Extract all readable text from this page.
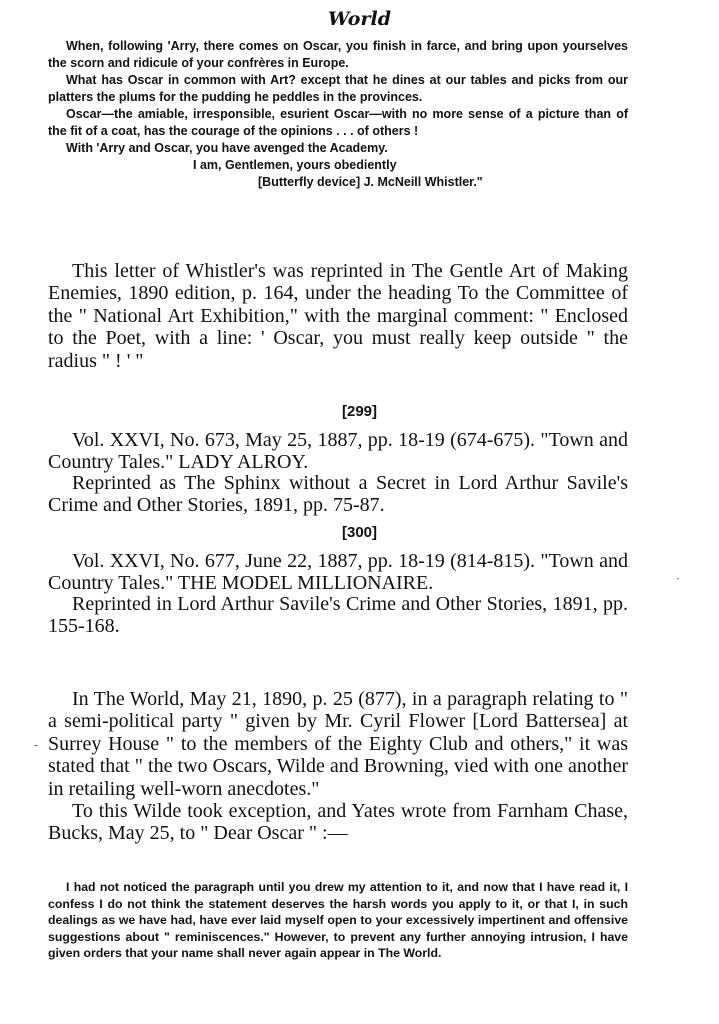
World

When, following 'Arry, there comes on Oscar, you finish in farce, and bring upon yourselves the scorn and ridicule of your confrères in Europe.

What has Oscar in common with Art? except that he dines at our tables and picks from our platters the plums for the pudding he peddles in the provinces.

Oscar—the amiable, irresponsible, esurient Oscar—with no more sense of a picture than of the fit of a coat, has the courage of the opinions . . . of others !

With 'Arry and Oscar, you have avenged the Academy.

I am, Gentlemen, yours obediently

[Butterfly device] J. McNeill Whistler."

This letter of Whistler's was reprinted in The Gentle Art of Making Enemies, 1890 edition, p. 164, under the heading To the Committee of the " National Art Exhibition," with the marginal comment: " Enclosed to the Poet, with a line: ' Oscar, you must really keep outside " the radius " ! ' "

[299]

Vol. XXVI, No. 673, May 25, 1887, pp. 18-19 (674-675). "Town and Country Tales." LADY ALROY.

Reprinted as The Sphinx without a Secret in Lord Arthur Savile's Crime and Other Stories, 1891, pp. 75-87.

[300]

Vol. XXVI, No. 677, June 22, 1887, pp. 18-19 (814-815). "Town and Country Tales." THE MODEL MILLIONAIRE.

Reprinted in Lord Arthur Savile's Crime and Other Stories, 1891, pp. 155-168.

In The World, May 21, 1890, p. 25 (877), in a paragraph relating to " a semi-political party " given by Mr. Cyril Flower [Lord Battersea] at Surrey House " to the members of the Eighty Club and others," it was stated that " the two Oscars, Wilde and Browning, vied with one another in retailing well-worn anecdotes."

To this Wilde took exception, and Yates wrote from Farnham Chase, Bucks, May 25, to " Dear Oscar " :—

I had not noticed the paragraph until you drew my attention to it, and now that I have read it, I confess I do not think the statement deserves the harsh words you apply to it, or that I, in such dealings as we have had, have ever laid myself open to your excessively impertinent and offensive suggestions about " reminiscences." However, to prevent any further annoying intrusion, I have given orders that your name shall never again appear in The World.

-
·
